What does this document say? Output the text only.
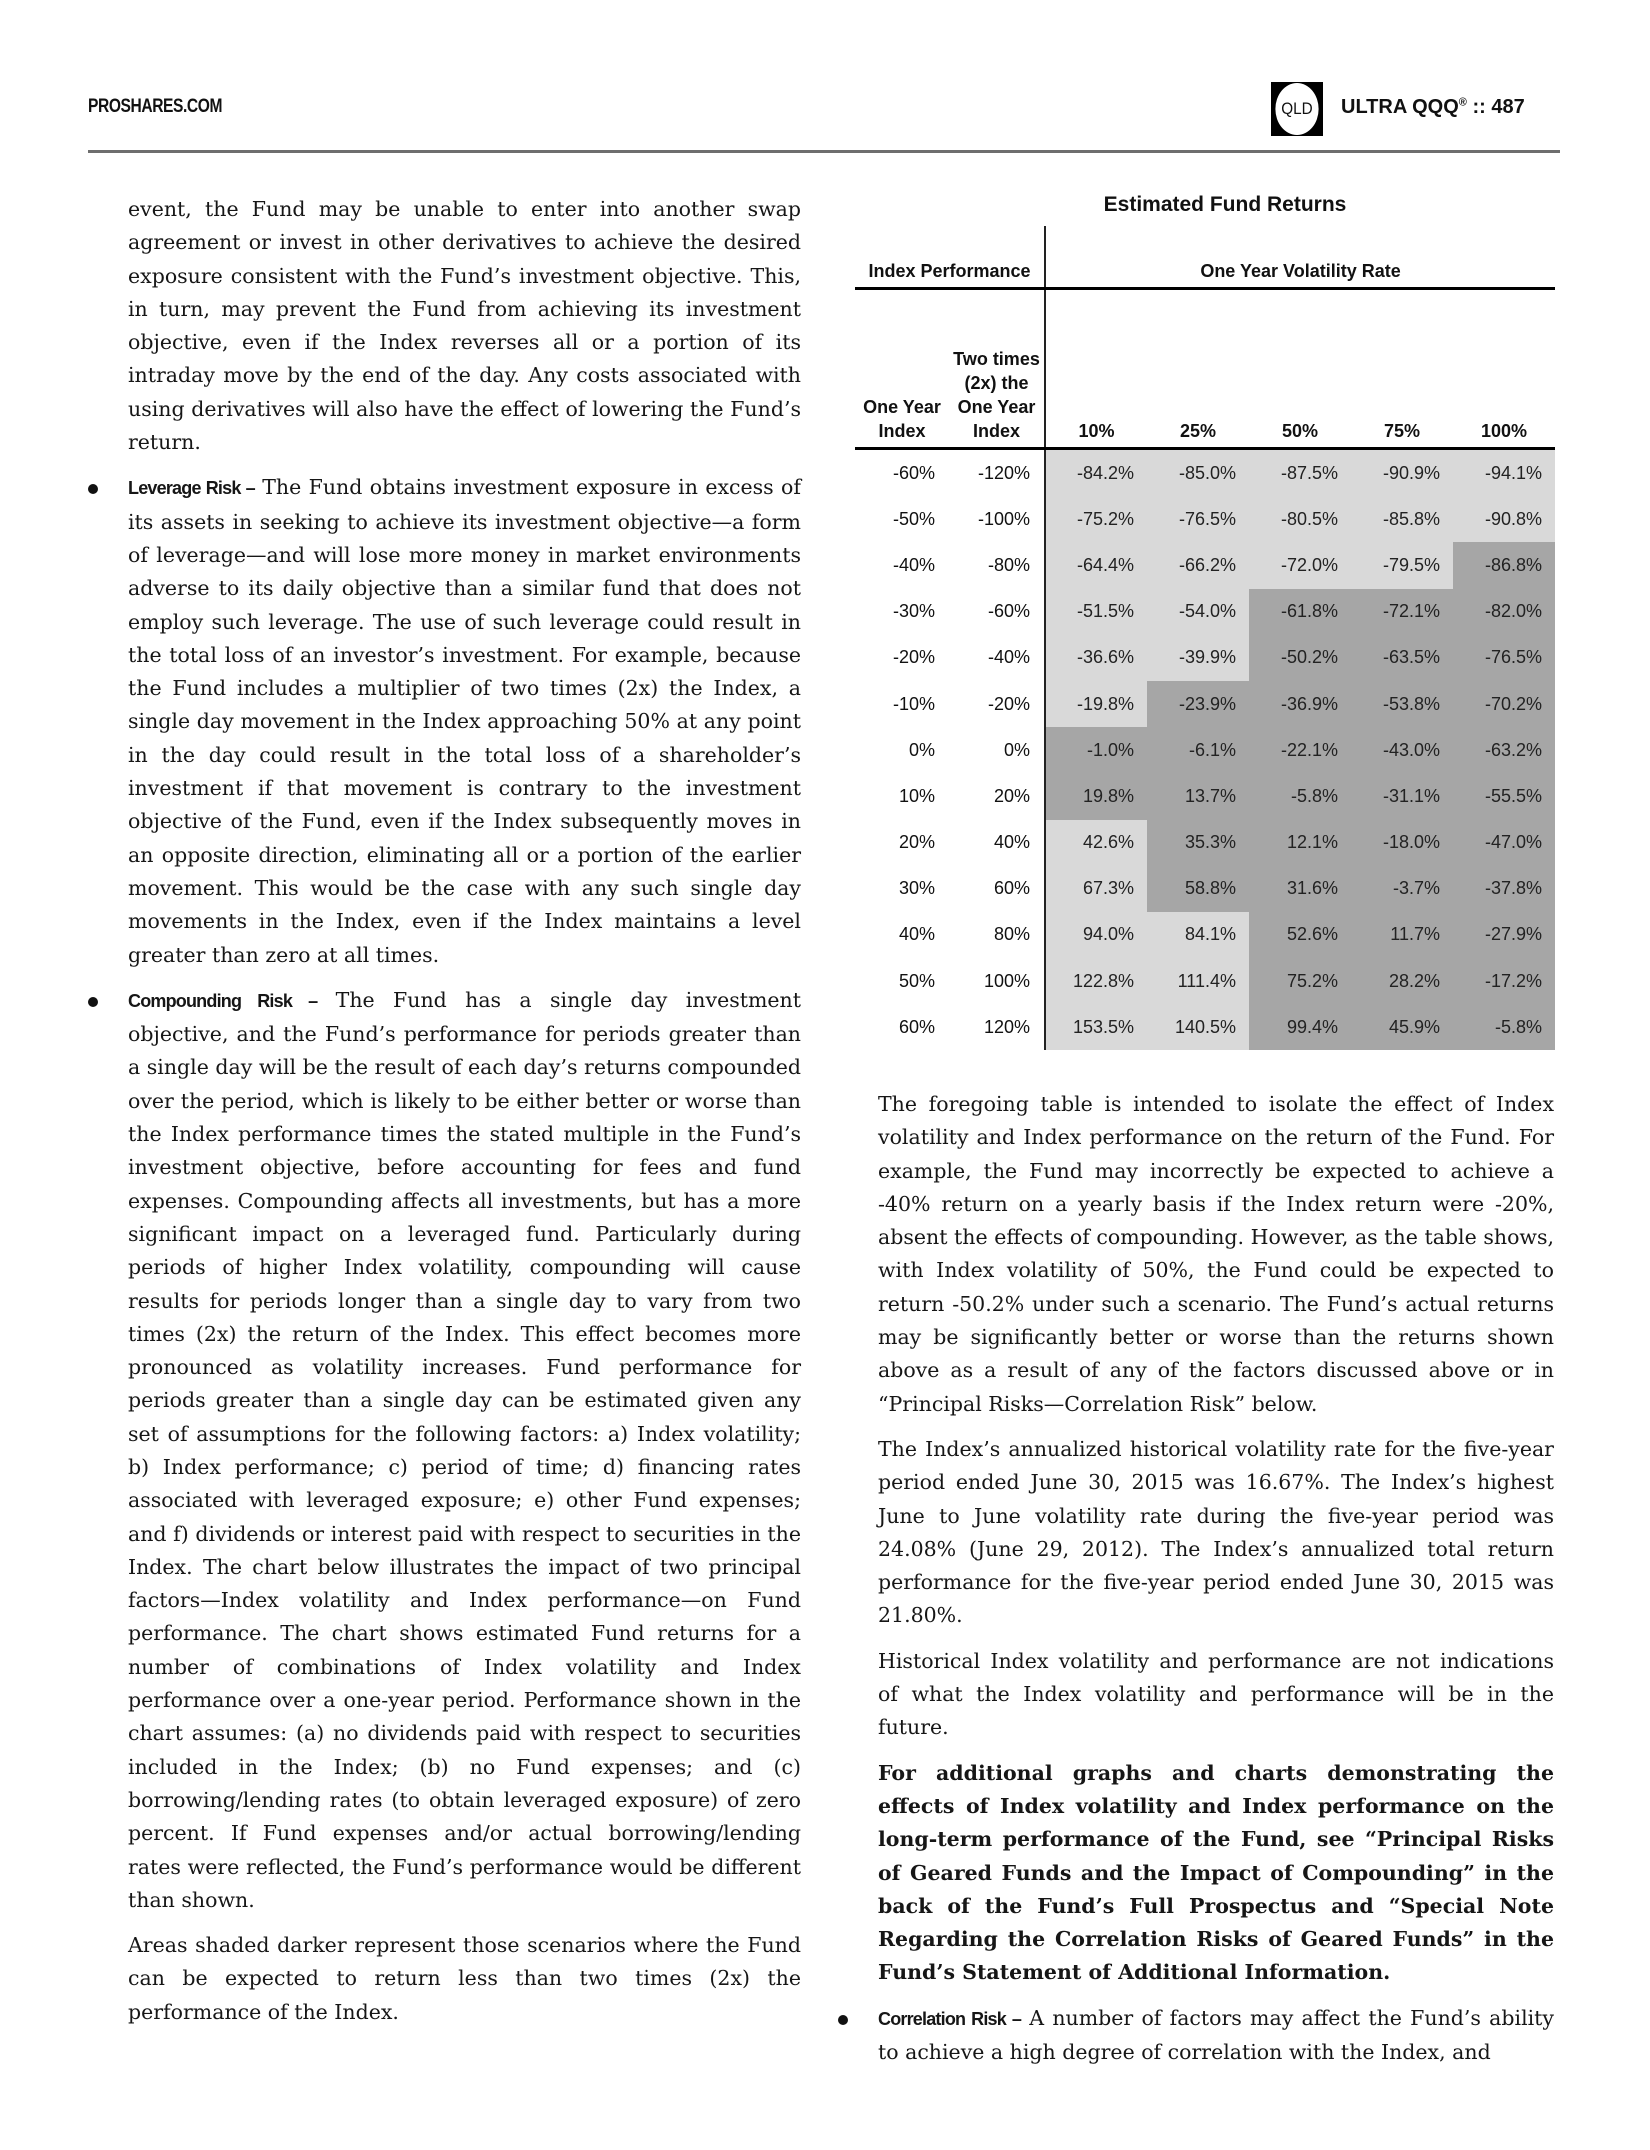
PROSHARES.COM	QLD ULTRA QQQ® :: 487

event, the Fund may be unable to enter into another swap agreement or invest in other derivatives to achieve the desired exposure consistent with the Fund’s investment objective. This, in turn, may prevent the Fund from achieving its investment objective, even if the Index reverses all or a portion of its intraday move by the end of the day. Any costs associated with using derivatives will also have the effect of lowering the Fund’s return.

Leverage Risk – The Fund obtains investment exposure in excess of its assets in seeking to achieve its investment objective—a form of leverage—and will lose more money in market environments adverse to its daily objective than a similar fund that does not employ such leverage. The use of such leverage could result in the total loss of an investor’s investment. For example, because the Fund includes a multiplier of two times (2x) the Index, a single day movement in the Index approaching 50% at any point in the day could result in the total loss of a shareholder’s investment if that movement is contrary to the investment objective of the Fund, even if the Index subsequently moves in an opposite direction, eliminating all or a portion of the earlier movement. This would be the case with any such single day movements in the Index, even if the Index maintains a level greater than zero at all times.

Compounding Risk – The Fund has a single day investment objective, and the Fund’s performance for periods greater than a single day will be the result of each day’s returns compounded over the period, which is likely to be either better or worse than the Index performance times the stated multiple in the Fund’s investment objective, before accounting for fees and fund expenses. Compounding affects all investments, but has a more significant impact on a leveraged fund. Particularly during periods of higher Index volatility, compounding will cause results for periods longer than a single day to vary from two times (2x) the return of the Index. This effect becomes more pronounced as volatility increases. Fund performance for periods greater than a single day can be estimated given any set of assumptions for the following factors: a) Index volatility; b) Index performance; c) period of time; d) financing rates associated with leveraged exposure; e) other Fund expenses; and f) dividends or interest paid with respect to securities in the Index. The chart below illustrates the impact of two principal factors—Index volatility and Index performance—on Fund performance. The chart shows estimated Fund returns for a number of combinations of Index volatility and Index performance over a one-year period. Performance shown in the chart assumes: (a) no dividends paid with respect to securities included in the Index; (b) no Fund expenses; and (c) borrowing/lending rates (to obtain leveraged exposure) of zero percent. If Fund expenses and/or actual borrowing/lending rates were reflected, the Fund’s performance would be different than shown.

Areas shaded darker represent those scenarios where the Fund can be expected to return less than two times (2x) the performance of the Index.

Estimated Fund Returns
Index Performance		One Year Volatility Rate				
One Year Index	Two times (2x) the One Year Index	10%	25%	50%	75%	100%
-60%	-120%	-84.2%	-85.0%	-87.5%	-90.9%	-94.1%
-50%	-100%	-75.2%	-76.5%	-80.5%	-85.8%	-90.8%
-40%	-80%	-64.4%	-66.2%	-72.0%	-79.5%	-86.8%
-30%	-60%	-51.5%	-54.0%	-61.8%	-72.1%	-82.0%
-20%	-40%	-36.6%	-39.9%	-50.2%	-63.5%	-76.5%
-10%	-20%	-19.8%	-23.9%	-36.9%	-53.8%	-70.2%
0%	0%	-1.0%	-6.1%	-22.1%	-43.0%	-63.2%
10%	20%	19.8%	13.7%	-5.8%	-31.1%	-55.5%
20%	40%	42.6%	35.3%	12.1%	-18.0%	-47.0%
30%	60%	67.3%	58.8%	31.6%	-3.7%	-37.8%
40%	80%	94.0%	84.1%	52.6%	11.7%	-27.9%
50%	100%	122.8%	111.4%	75.2%	28.2%	-17.2%
60%	120%	153.5%	140.5%	99.4%	45.9%	-5.8%

The foregoing table is intended to isolate the effect of Index volatility and Index performance on the return of the Fund. For example, the Fund may incorrectly be expected to achieve a -40% return on a yearly basis if the Index return were -20%, absent the effects of compounding. However, as the table shows, with Index volatility of 50%, the Fund could be expected to return -50.2% under such a scenario. The Fund’s actual returns may be significantly better or worse than the returns shown above as a result of any of the factors discussed above or in “Principal Risks—Correlation Risk” below.

The Index’s annualized historical volatility rate for the five-year period ended June 30, 2015 was 16.67%. The Index’s highest June to June volatility rate during the five-year period was 24.08% (June 29, 2012). The Index’s annualized total return performance for the five-year period ended June 30, 2015 was 21.80%.

Historical Index volatility and performance are not indications of what the Index volatility and performance will be in the future.

For additional graphs and charts demonstrating the effects of Index volatility and Index performance on the long-term performance of the Fund, see “Principal Risks of Geared Funds and the Impact of Compounding” in the back of the Fund’s Full Prospectus and “Special Note Regarding the Correlation Risks of Geared Funds” in the Fund’s Statement of Additional Information.

Correlation Risk – A number of factors may affect the Fund’s ability to achieve a high degree of correlation with the Index, and
